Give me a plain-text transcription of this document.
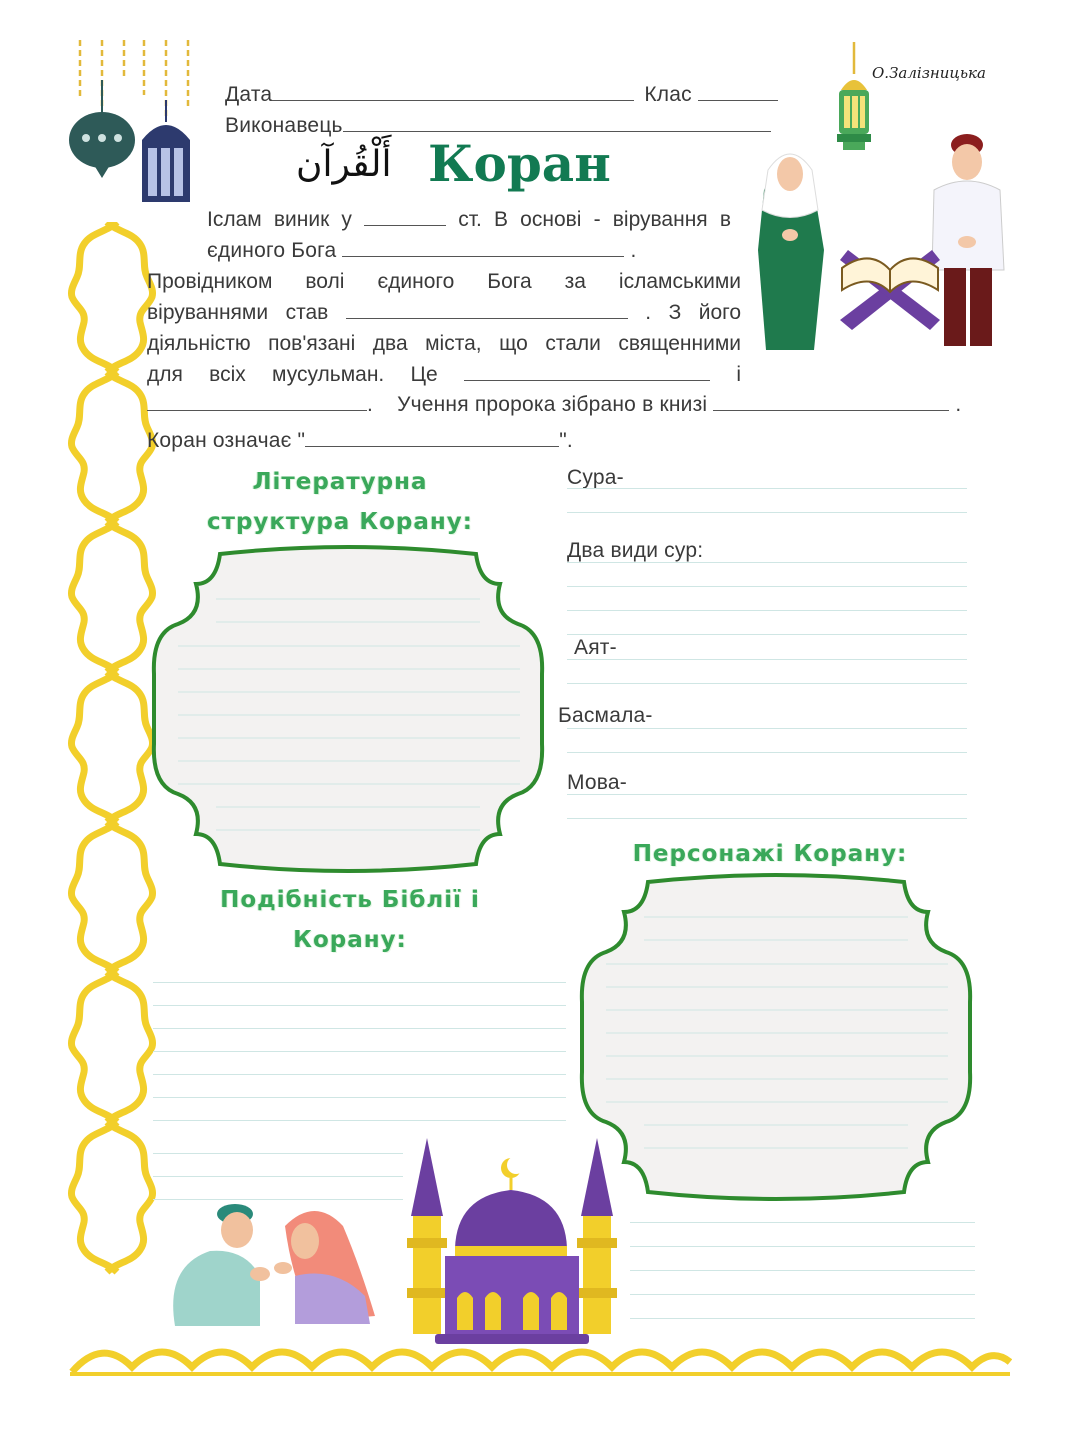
О.Залізницька
Дата	Клас
Виконавець
أَلْقُرآن Коран
Іслам виник у	ст. В основі - вірування в
єдиного Бога	.
Провідником волі єдиного Бога за ісламськими
віруваннями став	. З його
діяльністю пов'язані два міста, що стали священними
для всіх мусульман. Це	і
. Учення пророка зібрано в книзі	.
Коран означає "	".
Літературна
структура Корану:
Сура-
Два види сур:
Аят-
Басмала-
Мова-
Персонажі Корану:
Подібність Біблії і
Корану:
